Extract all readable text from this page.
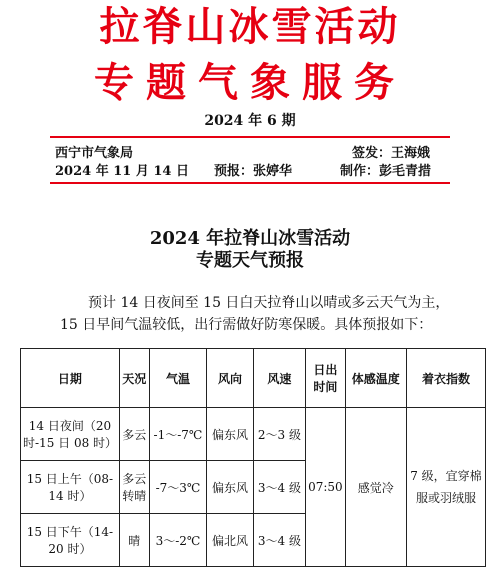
拉脊山冰雪活动
专题气象服务
2024 年 6 期
西宁市气象局	签发：王海娥
2024 年 11 月 14 日 预报：张婷华	制作：彭毛青措
2024 年拉脊山冰雪活动
专题天气预报
预计 14 日夜间至 15 日白天拉脊山以晴或多云天气为主，15 日早间气温较低，出行需做好防寒保暖。具体预报如下：
日期	天况	气温	风向	风速	日出时间	体感温度	着衣指数
14 日夜间（20 时-15 日 08 时）	多云	-1～-7℃	偏东风	2～3 级	07:50	感觉冷	7 级，宜穿棉服或羽绒服
15 日上午（08-14 时）	多云转晴	-7～3℃	偏东风	3～4 级			
15 日下午（14-20 时）	晴	3～-2℃	偏北风	3～4 级			
